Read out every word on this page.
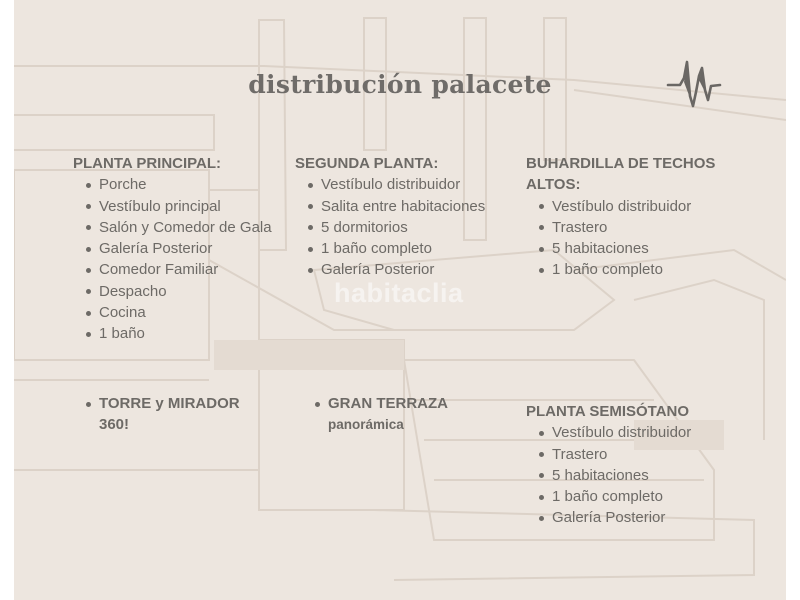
distribución palacete
habitaclia
PLANTA PRINCIPAL:
Porche
Vestíbulo principal
Salón y Comedor de Gala
Galería Posterior
Comedor Familiar
Despacho
Cocina
1 baño
SEGUNDA PLANTA:
Vestíbulo distribuidor
Salita entre habitaciones
5 dormitorios
1 baño completo
Galería Posterior
BUHARDILLA DE TECHOS
ALTOS:
Vestíbulo distribuidor
Trastero
5 habitaciones
1 baño completo
TORRE y MIRADOR
360!
GRAN TERRAZA
panorámica
PLANTA SEMISÓTANO
Vestíbulo distribuidor
Trastero
5 habitaciones
1 baño completo
Galería Posterior
